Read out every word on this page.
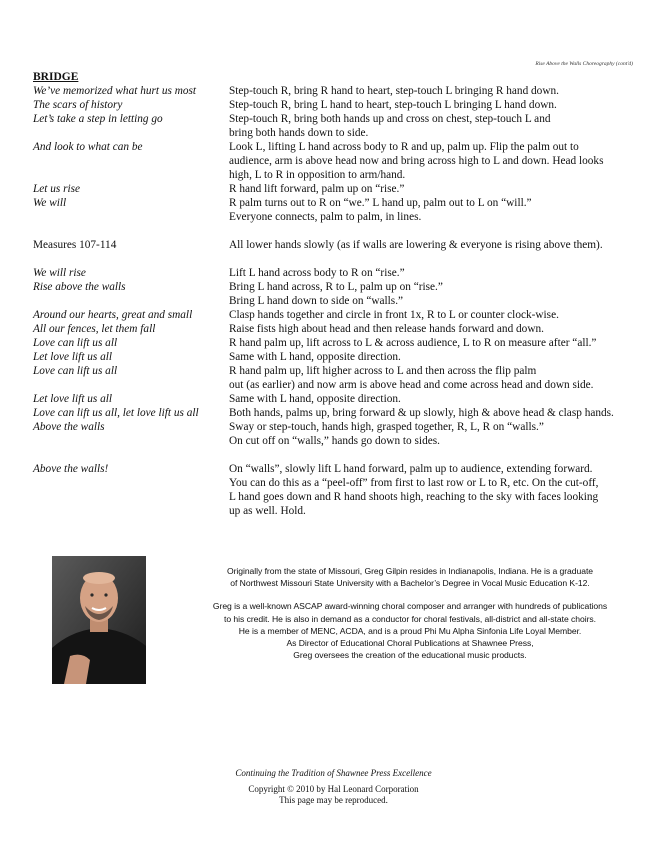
Rise Above the Walls Choreography (cont'd)
BRIDGE
We’ve memorized what hurt us most	Step-touch R, bring R hand to heart, step-touch L bringing R hand down.
The scars of history	Step-touch R, bring L hand to heart, step-touch L bringing L hand down.
Let’s take a step in letting go	Step-touch R, bring both hands up and cross on chest, step-touch L and
bring both hands down to side.
And look to what can be	Look L, lifting L hand across body to R and up, palm up. Flip the palm out to
audience, arm is above head now and bring across high to L and down. Head looks
high, L to R in opposition to arm/hand.
Let us rise	R hand lift forward, palm up on “rise.”
We will	R palm turns out to R on “we.” L hand up, palm out to L on “will.”
Everyone connects, palm to palm, in lines.
Measures 107-114	All lower hands slowly (as if walls are lowering & everyone is rising above them).
We will rise	Lift L hand across body to R on “rise.”
Rise above the walls	Bring L hand across, R to L, palm up on “rise.”
Bring L hand down to side on “walls.”
Around our hearts, great and small	Clasp hands together and circle in front 1x, R to L or counter clock-wise.
All our fences, let them fall	Raise fists high about head and then release hands forward and down.
Love can lift us all	R hand palm up, lift across to L & across audience, L to R on measure after “all.”
Let love lift us all	Same with L hand, opposite direction.
Love can lift us all	R hand palm up, lift higher across to L and then across the flip palm
out (as earlier) and now arm is above head and come across head and down side.
Let love lift us all	Same with L hand, opposite direction.
Love can lift us all, let love lift us all	Both hands, palms up, bring forward & up slowly, high & above head & clasp hands.
Above the walls	Sway or step-touch, hands high, grasped together, R, L, R on “walls.”
On cut off on “walls,” hands go down to sides.
Above the walls!	On “walls”, slowly lift L hand forward, palm up to audience, extending forward.
You can do this as a “peel-off” from first to last row or L to R, etc. On the cut-off,
L hand goes down and R hand shoots high, reaching to the sky with faces looking
up as well. Hold.

Originally from the state of Missouri, Greg Gilpin resides in Indianapolis, Indiana. He is a graduate
of Northwest Missouri State University with a Bachelor’s Degree in Vocal Music Education K-12.

Greg is a well-known ASCAP award-winning choral composer and arranger with hundreds of publications
to his credit. He is also in demand as a conductor for choral festivals, all-district and all-state choirs.
He is a member of MENC, ACDA, and is a proud Phi Mu Alpha Sinfonia Life Loyal Member.
As Director of Educational Choral Publications at Shawnee Press,
Greg oversees the creation of the educational music products.

Continuing the Tradition of Shawnee Press Excellence
Copyright © 2010 by Hal Leonard Corporation
This page may be reproduced.
